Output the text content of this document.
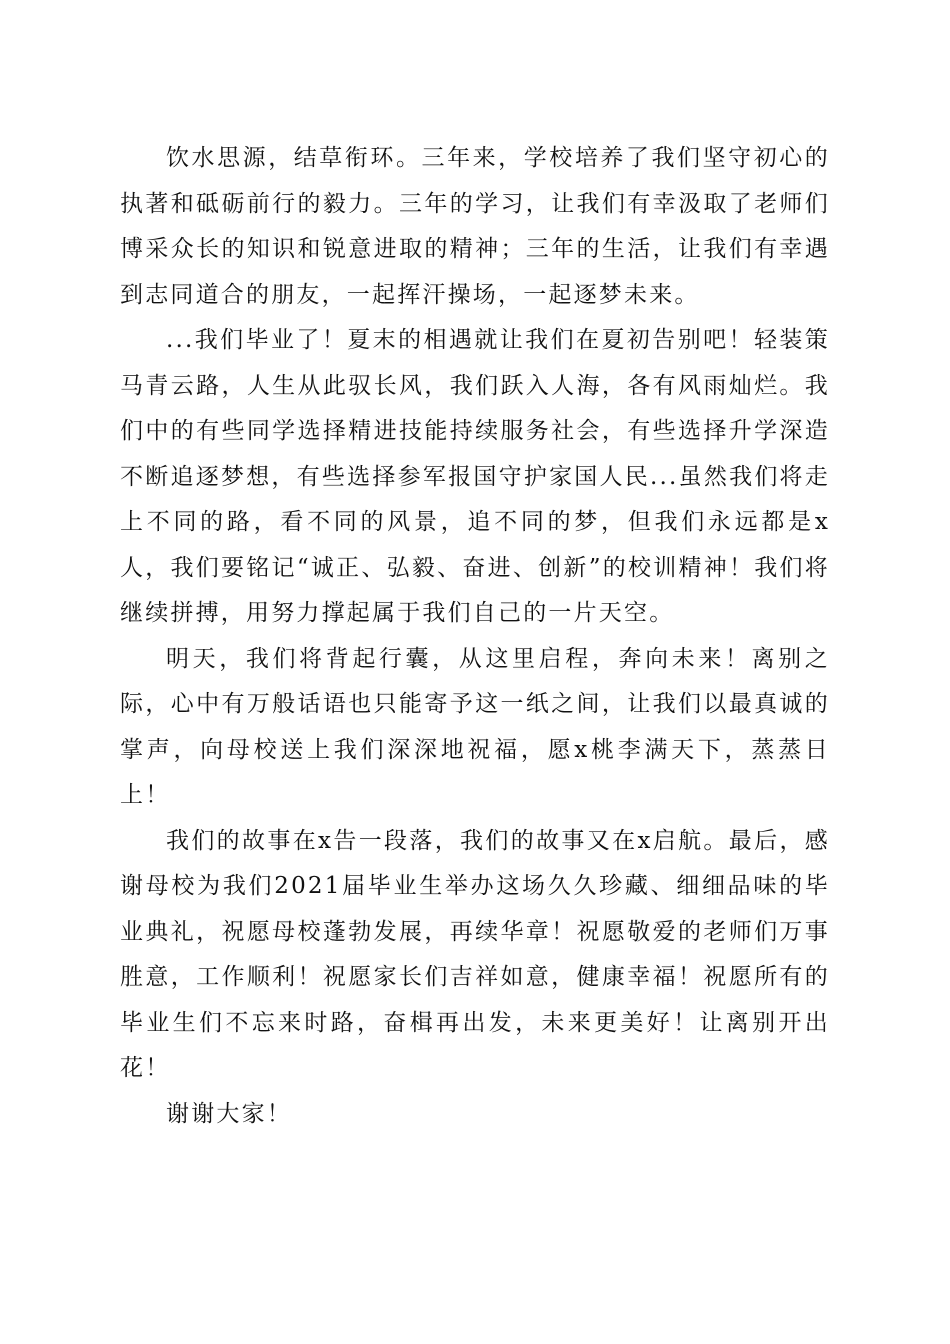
饮水思源，结草衔环。三年来，学校培养了我们坚守初心的执著和砥砺前行的毅力。三年的学习，让我们有幸汲取了老师们博采众长的知识和锐意进取的精神；三年的生活，让我们有幸遇到志同道合的朋友，一起挥汗操场，一起逐梦未来。

...我们毕业了！夏末的相遇就让我们在夏初告别吧！轻装策马青云路，人生从此驭长风，我们跃入人海，各有风雨灿烂。我们中的有些同学选择精进技能持续服务社会，有些选择升学深造不断追逐梦想，有些选择参军报国守护家国人民...虽然我们将走上不同的路，看不同的风景，追不同的梦，但我们永远都是x人，我们要铭记“诚正、弘毅、奋进、创新”的校训精神！我们将继续拼搏，用努力撑起属于我们自己的一片天空。

明天，我们将背起行囊，从这里启程，奔向未来！离别之际，心中有万般话语也只能寄予这一纸之间，让我们以最真诚的掌声，向母校送上我们深深地祝福，愿x桃李满天下，蒸蒸日上！

我们的故事在x告一段落，我们的故事又在x启航。最后，感谢母校为我们2021届毕业生举办这场久久珍藏、细细品味的毕业典礼，祝愿母校蓬勃发展，再续华章！祝愿敬爱的老师们万事胜意，工作顺利！祝愿家长们吉祥如意，健康幸福！祝愿所有的毕业生们不忘来时路，奋楫再出发，未来更美好！让离别开出花！

谢谢大家！
